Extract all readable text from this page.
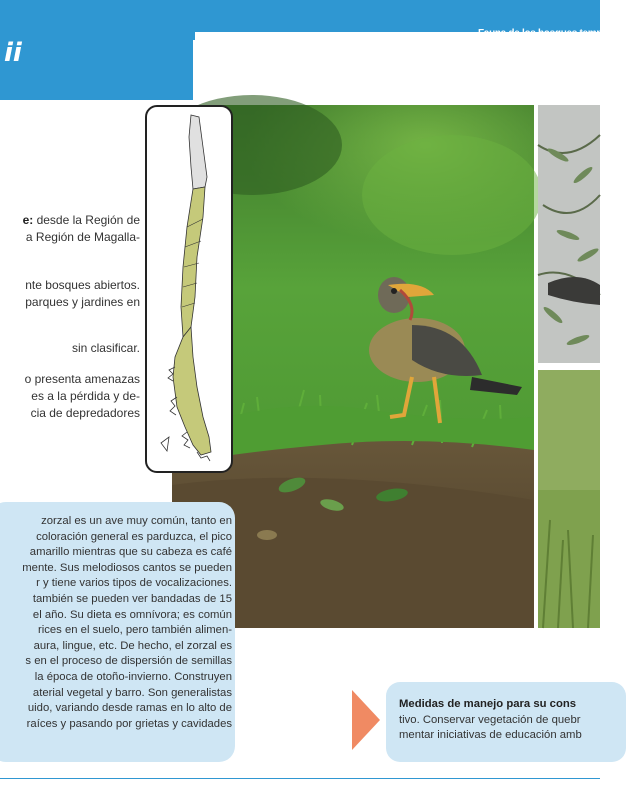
ii
Fauna de los bosques templad
e: desde la Región de
a Región de Magalla-
nte bosques abiertos.
parques y jardines en
sin clasificar.
o presenta amenazas
es a la pérdida y de-
cia de depredadores

zorzal es un ave muy común, tanto en

coloración general es parduzca, el pico

amarillo mientras que su cabeza es café

mente. Sus melodiosos cantos se pueden

r y tiene varios tipos de vocalizaciones.

también se pueden ver bandadas de 15

el año. Su dieta es omnívora; es común

rices en el suelo, pero también alimen-

aura, lingue, etc. De hecho, el zorzal es

s en el proceso de dispersión de semillas

la época de otoño-invierno. Construyen

aterial vegetal y barro. Son generalistas

uido, variando desde ramas en lo alto de

raíces y pasando por grietas y cavidades

Medidas de manejo para su cons
tivo. Conservar vegetación de quebr
mentar iniciativas de educación amb
